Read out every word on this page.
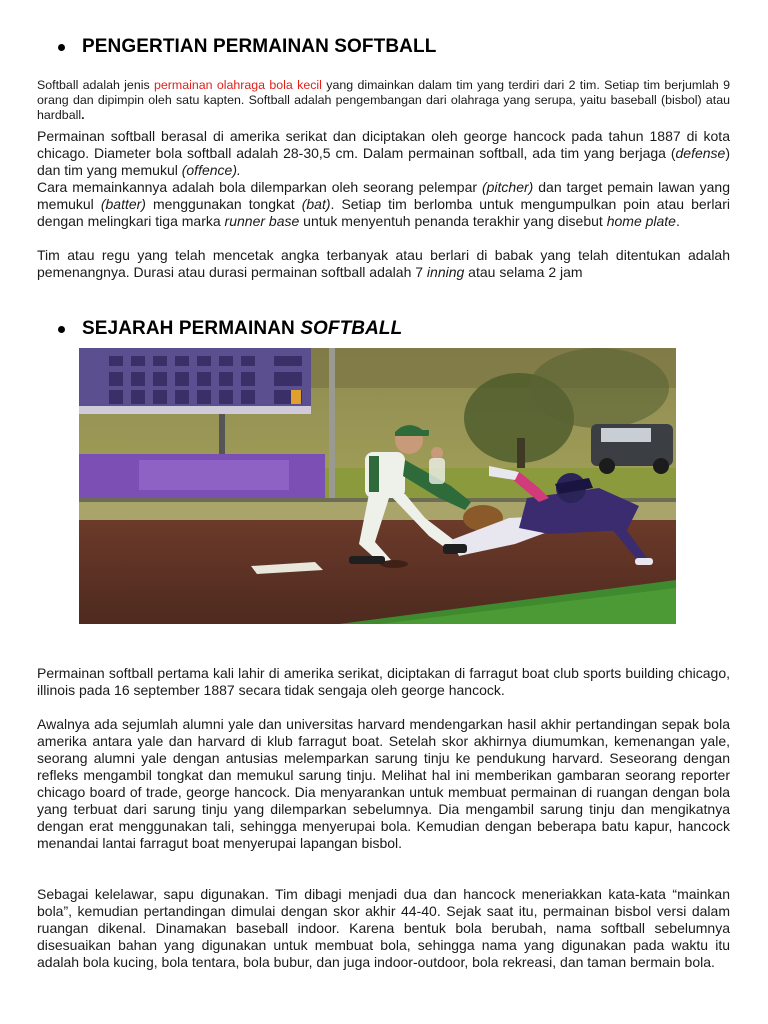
PENGERTIAN PERMAINAN SOFTBALL

Softball adalah jenis permainan olahraga bola kecil yang dimainkan dalam tim yang terdiri dari 2 tim. Setiap tim berjumlah 9 orang dan dipimpin oleh satu kapten. Softball adalah pengembangan dari olahraga yang serupa, yaitu baseball (bisbol) atau hardball.

Permainan softball berasal di amerika serikat dan diciptakan oleh george hancock pada tahun 1887 di kota chicago. Diameter bola softball adalah 28-30,5 cm. Dalam permainan softball, ada tim yang berjaga (defense) dan tim yang memukul (offence).

Cara memainkannya adalah bola dilemparkan oleh seorang pelempar (pitcher) dan target pemain lawan yang memukul (batter) menggunakan tongkat (bat). Setiap tim berlomba untuk mengumpulkan poin atau berlari dengan melingkari tiga marka runner base untuk menyentuh penanda terakhir yang disebut home plate.

Tim atau regu yang telah mencetak angka terbanyak atau berlari di babak yang telah ditentukan adalah pemenangnya. Durasi atau durasi permainan softball adalah 7 inning atau selama 2 jam

SEJARAH PERMAINAN SOFTBALL

Permainan softball pertama kali lahir di amerika serikat, diciptakan di farragut boat club sports building chicago, illinois pada 16 september 1887 secara tidak sengaja oleh george hancock.

Awalnya ada sejumlah alumni yale dan universitas harvard mendengarkan hasil akhir pertandingan sepak bola amerika antara yale dan harvard di klub farragut boat. Setelah skor akhirnya diumumkan, kemenangan yale, seorang alumni yale dengan antusias melemparkan sarung tinju ke pendukung harvard. Seseorang dengan refleks mengambil tongkat dan memukul sarung tinju. Melihat hal ini memberikan gambaran seorang reporter chicago board of trade, george hancock. Dia menyarankan untuk membuat permainan di ruangan dengan bola yang terbuat dari sarung tinju yang dilemparkan sebelumnya. Dia mengambil sarung tinju dan mengikatnya dengan erat menggunakan tali, sehingga menyerupai bola. Kemudian dengan beberapa batu kapur, hancock menandai lantai farragut boat menyerupai lapangan bisbol.

Sebagai kelelawar, sapu digunakan. Tim dibagi menjadi dua dan hancock meneriakkan kata-kata “mainkan bola”, kemudian pertandingan dimulai dengan skor akhir 44-40. Sejak saat itu, permainan bisbol versi dalam ruangan dikenal. Dinamakan baseball indoor. Karena bentuk bola berubah, nama softball sebelumnya disesuaikan bahan yang digunakan untuk membuat bola, sehingga nama yang digunakan pada waktu itu adalah bola kucing, bola tentara, bola bubur, dan juga indoor-outdoor, bola rekreasi, dan taman bermain bola.
